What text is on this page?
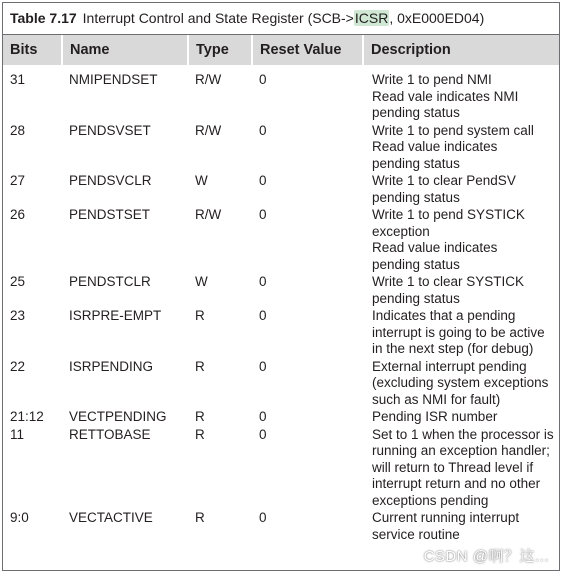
Table 7.17 Interrupt Control and State Register (SCB->ICSR, 0xE000ED04)
Bits	Name	Type	Reset Value	Description
31	NMIPENDSET	R/W	0	Write 1 to pend NMI
Read vale indicates NMI
pending status

28	PENDSVSET	R/W	0	Write 1 to pend system call
Read value indicates
pending status

27	PENDSVCLR	W	0	Write 1 to clear PendSV
pending status

26	PENDSTSET	R/W	0	Write 1 to pend SYSTICK
exception
Read value indicates
pending status

25	PENDSTCLR	W	0	Write 1 to clear SYSTICK
pending status

23	ISRPRE-EMPT	R	0	Indicates that a pending
interrupt is going to be active
in the next step (for debug)

22	ISRPENDING	R	0	External interrupt pending
(excluding system exceptions
such as NMI for fault)

21:12	VECTPENDING	R	0	Pending ISR number

11	RETTOBASE	R	0	Set to 1 when the processor is
running an exception handler;
will return to Thread level if
interrupt return and no other
exceptions pending

9:0	VECTACTIVE	R	0	Current running interrupt
service routine
CSDN @啊？这...
